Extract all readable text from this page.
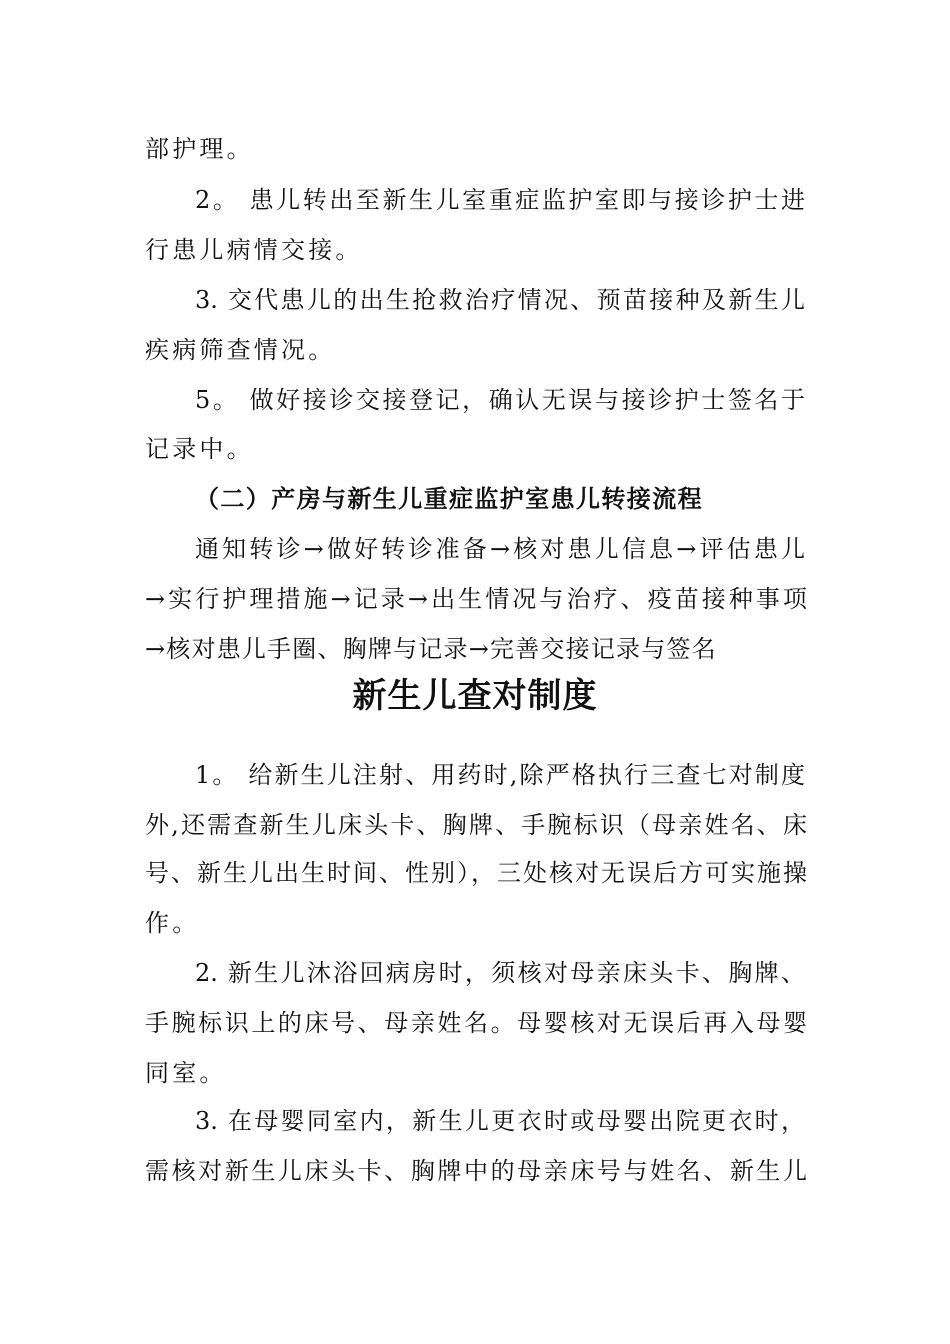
部护理。
2。 患儿转出至新生儿室重症监护室即与接诊护士进
行患儿病情交接。
3. 交代患儿的出生抢救治疗情况、预苗接种及新生儿
疾病筛查情况。
5。 做好接诊交接登记，确认无误与接诊护士签名于
记录中。
（二）产房与新生儿重症监护室患儿转接流程
通知转诊→做好转诊准备→核对患儿信息→评估患儿
→实行护理措施→记录→出生情况与治疗、疫苗接种事项
→核对患儿手圈、胸牌与记录→完善交接记录与签名
新生儿查对制度
1。 给新生儿注射、用药时,除严格执行三查七对制度
外,还需查新生儿床头卡、胸牌、手腕标识（母亲姓名、床
号、新生儿出生时间、性别），三处核对无误后方可实施操
作。
2. 新生儿沐浴回病房时，须核对母亲床头卡、胸牌、
手腕标识上的床号、母亲姓名。母婴核对无误后再入母婴
同室。
3. 在母婴同室内，新生儿更衣时或母婴出院更衣时，
需核对新生儿床头卡、胸牌中的母亲床号与姓名、新生儿
